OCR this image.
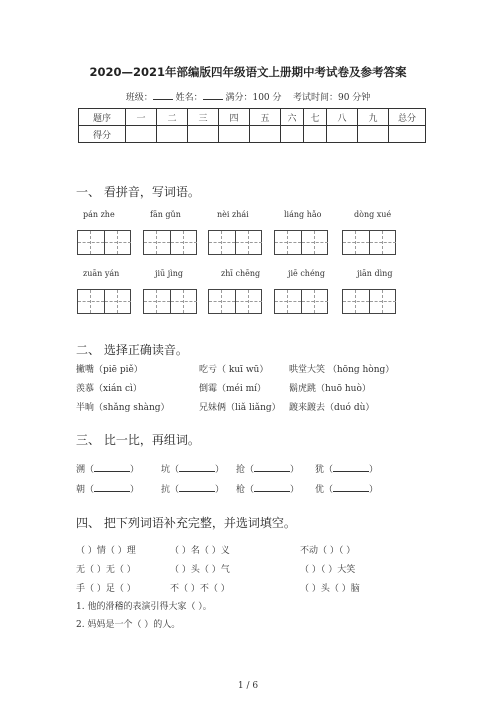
2020—2021年部编版四年级语文上册期中考试卷及参考答案
班级：	姓名：	满分：100 分 考试时间：90 分钟
题序	一	二	三	四	五	六	七	八	九	总分
得分										
一、 看拼音，写词语。
pán zhe	fān gǔn	nèi zhái	liáng hǎo	dòng xué
zuān yán	jiū jìng	zhī chēng	jiē chéng	jiān dìng
二、 选择正确读音。
撇嘴（piē piě）	吃亏（ kuī wū） 哄堂大笑 （hōng hòng）
羡慕（xián cì）	倒霉（méi mí）	鬍虎跳（huō huò）
半晌（shǎng shàng）	兄妹俩（liǎ liǎng） 踱来踱去（duó dù）
三、 比一比，再组词。
溯（	） 坑（	） 抢（	） 犹（	）
朝（	） 抗（	） 枪（	） 优（	）
四、 把下列词语补充完整，并选词填空。
（ ）情（ ）理	（ ）名（ ）义	不动（ ）（ ）
无（ ）无（ ）	（ ）头（ ）气	（ ）（ ）大笑
手（ ）足（ ）	不（ ）不（ ）	（ ）头（ ）脑
1. 他的滑稽的表演引得大家（ ）。
2. 妈妈是一个（ ）的人。
1 / 6
